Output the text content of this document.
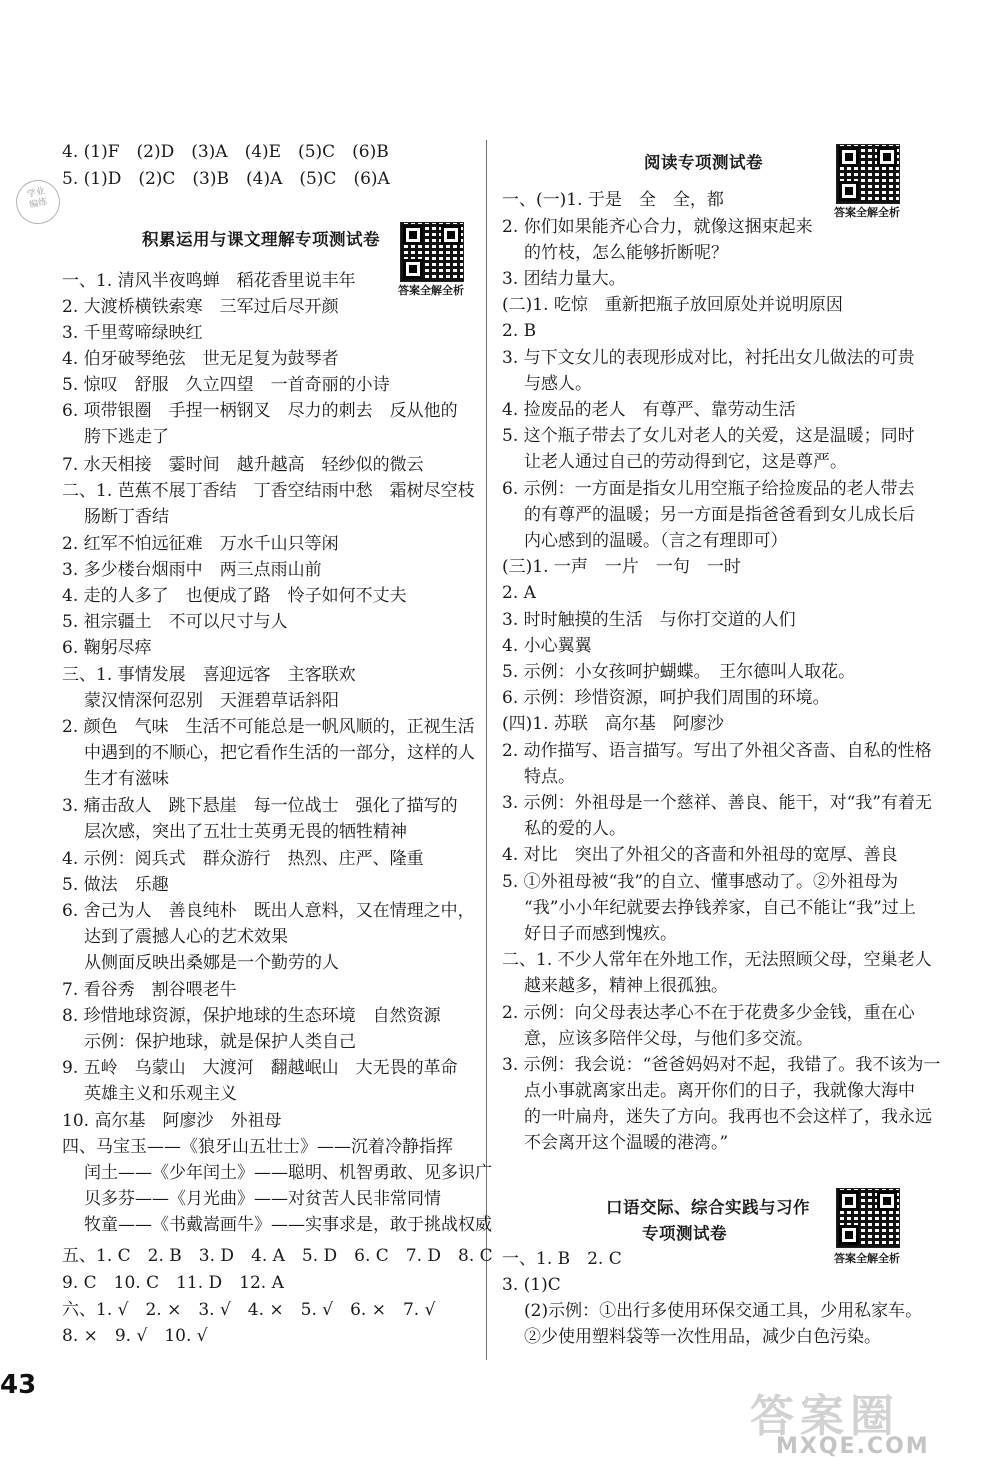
学业
编练
4. (1)F　(2)D　(3)A　(4)E　(5)C　(6)B
5. (1)D　(2)C　(3)B　(4)A　(5)C　(6)A
积累运用与课文理解专项测试卷
答案全解全析
一、1. 清风半夜鸣蝉　稻花香里说丰年
2. 大渡桥横铁索寒　三军过后尽开颜
3. 千里莺啼绿映红
4. 伯牙破琴绝弦　世无足复为鼓琴者
5. 惊叹　舒服　久立四望　一首奇丽的小诗
6. 项带银圈　手捏一柄钢叉　尽力的刺去　反从他的
胯下逃走了
7. 水天相接　霎时间　越升越高　轻纱似的微云
二、1. 芭蕉不展丁香结　丁香空结雨中愁　霜树尽空枝
肠断丁香结
2. 红军不怕远征难　万水千山只等闲
3. 多少楼台烟雨中　两三点雨山前
4. 走的人多了　也便成了路　怜子如何不丈夫
5. 祖宗疆土　不可以尺寸与人
6. 鞠躬尽瘁
三、1. 事情发展　喜迎远客　主客联欢
蒙汉情深何忍别　天涯碧草话斜阳
2. 颜色　气味　生活不可能总是一帆风顺的，正视生活
中遇到的不顺心，把它看作生活的一部分，这样的人
生才有滋味
3. 痛击敌人　跳下悬崖　每一位战士　强化了描写的
层次感，突出了五壮士英勇无畏的牺牲精神
4. 示例：阅兵式　群众游行　热烈、庄严、隆重
5. 做法　乐趣
6. 舍己为人　善良纯朴　既出人意料，又在情理之中，
达到了震撼人心的艺术效果
从侧面反映出桑娜是一个勤劳的人
7. 看谷秀　割谷喂老牛
8. 珍惜地球资源，保护地球的生态环境　自然资源
示例：保护地球，就是保护人类自己
9. 五岭　乌蒙山　大渡河　翻越岷山　大无畏的革命
英雄主义和乐观主义
10. 高尔基　阿廖沙　外祖母
四、马宝玉——《狼牙山五壮士》——沉着冷静指挥
闰土——《少年闰土》——聪明、机智勇敢、见多识广
贝多芬——《月光曲》——对贫苦人民非常同情
牧童——《书戴嵩画牛》——实事求是，敢于挑战权威
五、1. C　2. B　3. D　4. A　5. D　6. C　7. D　8. C
9. C　10. C　11. D　12. A
六、1. √　2. ×　3. √　4. ×　5. √　6. ×　7. √
8. ×　9. √　10. √
阅读专项测试卷
答案全解全析
一、(一)1. 于是　全　全，都
2. 你们如果能齐心合力，就像这捆束起来
的竹枝，怎么能够折断呢？
3. 团结力量大。
(二)1. 吃惊　重新把瓶子放回原处并说明原因
2. B
3. 与下文女儿的表现形成对比，衬托出女儿做法的可贵
与感人。
4. 捡废品的老人　有尊严、靠劳动生活
5. 这个瓶子带去了女儿对老人的关爱，这是温暖；同时
让老人通过自己的劳动得到它，这是尊严。
6. 示例：一方面是指女儿用空瓶子给捡废品的老人带去
的有尊严的温暖；另一方面是指爸爸看到女儿成长后
内心感到的温暖。（言之有理即可）
(三)1. 一声　一片　一句　一时
2. A
3. 时时触摸的生活　与你打交道的人们
4. 小心翼翼
5. 示例：小女孩呵护蝴蝶。　王尔德叫人取花。
6. 示例：珍惜资源，呵护我们周围的环境。
(四)1. 苏联　高尔基　阿廖沙
2. 动作描写、语言描写。写出了外祖父吝啬、自私的性格
特点。
3. 示例：外祖母是一个慈祥、善良、能干，对“我”有着无
私的爱的人。
4. 对比　突出了外祖父的吝啬和外祖母的宽厚、善良
5. ①外祖母被“我”的自立、懂事感动了。②外祖母为
“我”小小年纪就要去挣钱养家，自己不能让“我”过上
好日子而感到愧疚。
二、1. 不少人常年在外地工作，无法照顾父母，空巢老人
越来越多，精神上很孤独。
2. 示例：向父母表达孝心不在于花费多少金钱，重在心
意，应该多陪伴父母，与他们多交流。
3. 示例：我会说：“爸爸妈妈对不起，我错了。我不该为一
点小事就离家出走。离开你们的日子，我就像大海中
的一叶扁舟，迷失了方向。我再也不会这样了，我永远
不会离开这个温暖的港湾。”
口语交际、综合实践与习作
专项测试卷
答案全解全析
一、1. B　2. C
3. (1)C
(2)示例：①出行多使用环保交通工具，少用私家车。
②少使用塑料袋等一次性用品，减少白色污染。
43
答案圈
MXQE.COM
